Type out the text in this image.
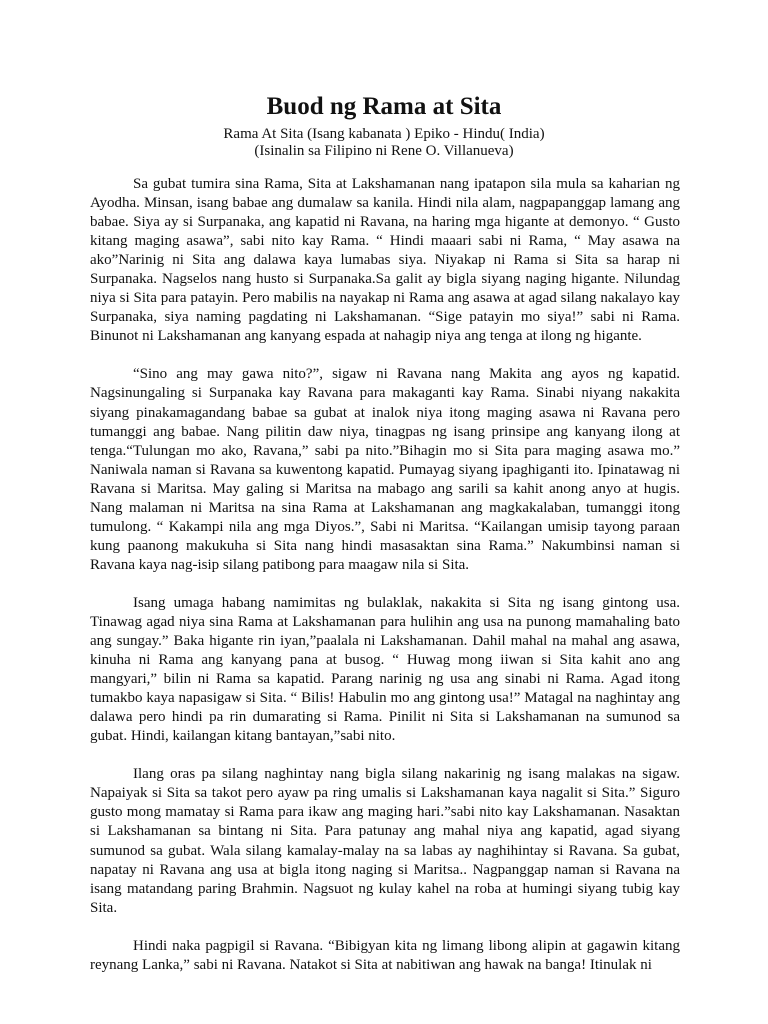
Buod ng Rama at Sita
Rama At Sita (Isang kabanata ) Epiko - Hindu( India)
(Isinalin sa Filipino ni Rene O. Villanueva)

Sa gubat tumira sina Rama, Sita at Lakshamanan nang ipatapon sila mula sa kaharian ng Ayodha. Minsan, isang babae ang dumalaw sa kanila. Hindi nila alam, nagpapanggap lamang ang babae. Siya ay si Surpanaka, ang kapatid ni Ravana, na haring mga higante at demonyo. “ Gusto kitang maging asawa”, sabi nito kay Rama. “ Hindi maaari sabi ni Rama, “ May asawa na ako”Narinig ni Sita ang dalawa kaya lumabas siya. Niyakap ni Rama si Sita sa harap ni Surpanaka. Nagselos nang husto si Surpanaka.Sa galit ay bigla siyang naging higante. Nilundag niya si Sita para patayin. Pero mabilis na nayakap ni Rama ang asawa at agad silang nakalayo kay Surpanaka, siya naming pagdating ni Lakshamanan. “Sige patayin mo siya!” sabi ni Rama. Binunot ni Lakshamanan ang kanyang espada at nahagip niya ang tenga at ilong ng higante.

“Sino ang may gawa nito?”, sigaw ni Ravana nang Makita ang ayos ng kapatid. Nagsinungaling si Surpanaka kay Ravana para makaganti kay Rama. Sinabi niyang nakakita siyang pinakamagandang babae sa gubat at inalok niya itong maging asawa ni Ravana pero tumanggi ang babae. Nang pilitin daw niya, tinagpas ng isang prinsipe ang kanyang ilong at tenga.“Tulungan mo ako, Ravana,” sabi pa nito.”Bihagin mo si Sita para maging asawa mo.” Naniwala naman si Ravana sa kuwentong kapatid. Pumayag siyang ipaghiganti ito. Ipinatawag ni Ravana si Maritsa. May galing si Maritsa na mabago ang sarili sa kahit anong anyo at hugis. Nang malaman ni Maritsa na sina Rama at Lakshamanan ang magkakalaban, tumanggi itong tumulong. “ Kakampi nila ang mga Diyos.”, Sabi ni Maritsa. “Kailangan umisip tayong paraan kung paanong makukuha si Sita nang hindi masasaktan sina Rama.” Nakumbinsi naman si Ravana kaya nag-isip silang patibong para maagaw nila si Sita.

Isang umaga habang namimitas ng bulaklak, nakakita si Sita ng isang gintong usa. Tinawag agad niya sina Rama at Lakshamanan para hulihin ang usa na punong mamahaling bato ang sungay.” Baka higante rin iyan,”paalala ni Lakshamanan. Dahil mahal na mahal ang asawa, kinuha ni Rama ang kanyang pana at busog. “ Huwag mong iiwan si Sita kahit ano ang mangyari,” bilin ni Rama sa kapatid. Parang narinig ng usa ang sinabi ni Rama. Agad itong tumakbo kaya napasigaw si Sita. “ Bilis! Habulin mo ang gintong usa!” Matagal na naghintay ang dalawa pero hindi pa rin dumarating si Rama. Pinilit ni Sita si Lakshamanan na sumunod sa gubat. Hindi, kailangan kitang bantayan,”sabi nito.

Ilang oras pa silang naghintay nang bigla silang nakarinig ng isang malakas na sigaw. Napaiyak si Sita sa takot pero ayaw pa ring umalis si Lakshamanan kaya nagalit si Sita.” Siguro gusto mong mamatay si Rama para ikaw ang maging hari.”sabi nito kay Lakshamanan. Nasaktan si Lakshamanan sa bintang ni Sita. Para patunay ang mahal niya ang kapatid, agad siyang sumunod sa gubat. Wala silang kamalay-malay na sa labas ay naghihintay si Ravana. Sa gubat, napatay ni Ravana ang usa at bigla itong naging si Maritsa.. Nagpanggap naman si Ravana na isang matandang paring Brahmin. Nagsuot ng kulay kahel na roba at humingi siyang tubig kay Sita.

Hindi naka pagpigil si Ravana. “Bibigyan kita ng limang libong alipin at gagawin kitang reynang Lanka,” sabi ni Ravana. Natakot si Sita at nabitiwan ang hawak na banga! Itinulak ni
